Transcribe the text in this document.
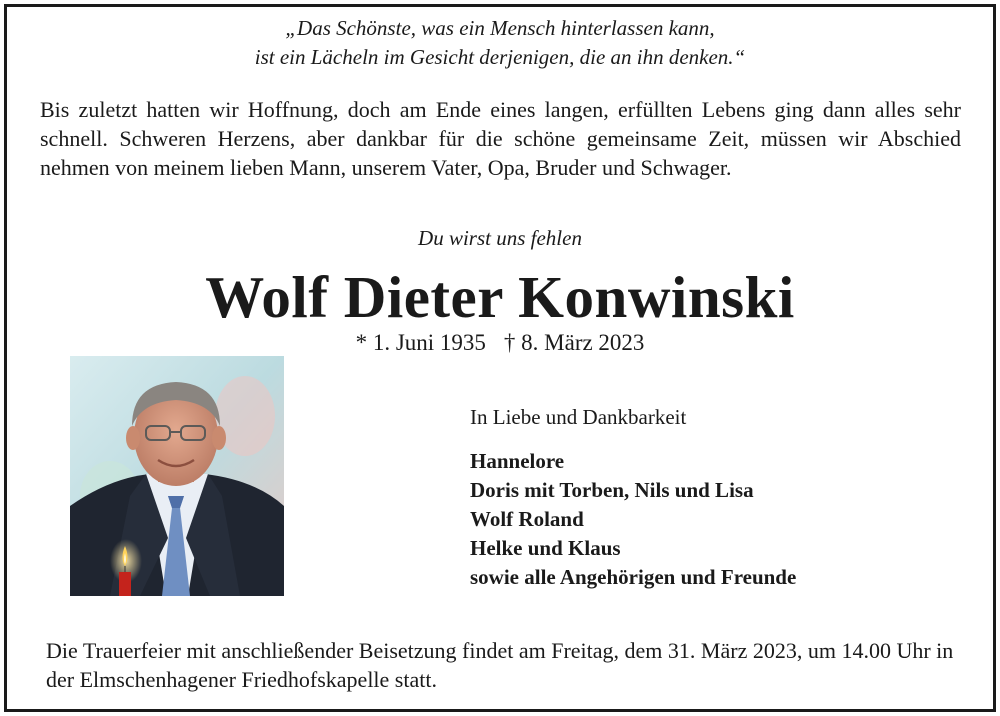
„Das Schönste, was ein Mensch hinterlassen kann,
ist ein Lächeln im Gesicht derjenigen, die an ihn denken.“
Bis zuletzt hatten wir Hoffnung, doch am Ende eines langen, erfüllten Lebens ging dann alles sehr schnell. Schweren Herzens, aber dankbar für die schöne gemeinsame Zeit, müssen wir Abschied nehmen von meinem lieben Mann, unserem Vater, Opa, Bruder und Schwager.
Du wirst uns fehlen
Wolf Dieter Konwinski
* 1. Juni 1935 † 8. März 2023
In Liebe und Dankbarkeit
Hannelore
Doris mit Torben, Nils und Lisa
Wolf Roland
Helke und Klaus
sowie alle Angehörigen und Freunde
Die Trauerfeier mit anschließender Beisetzung findet am Freitag, dem 31. März 2023, um 14.00 Uhr in der Elmschenhagener Friedhofskapelle statt.
